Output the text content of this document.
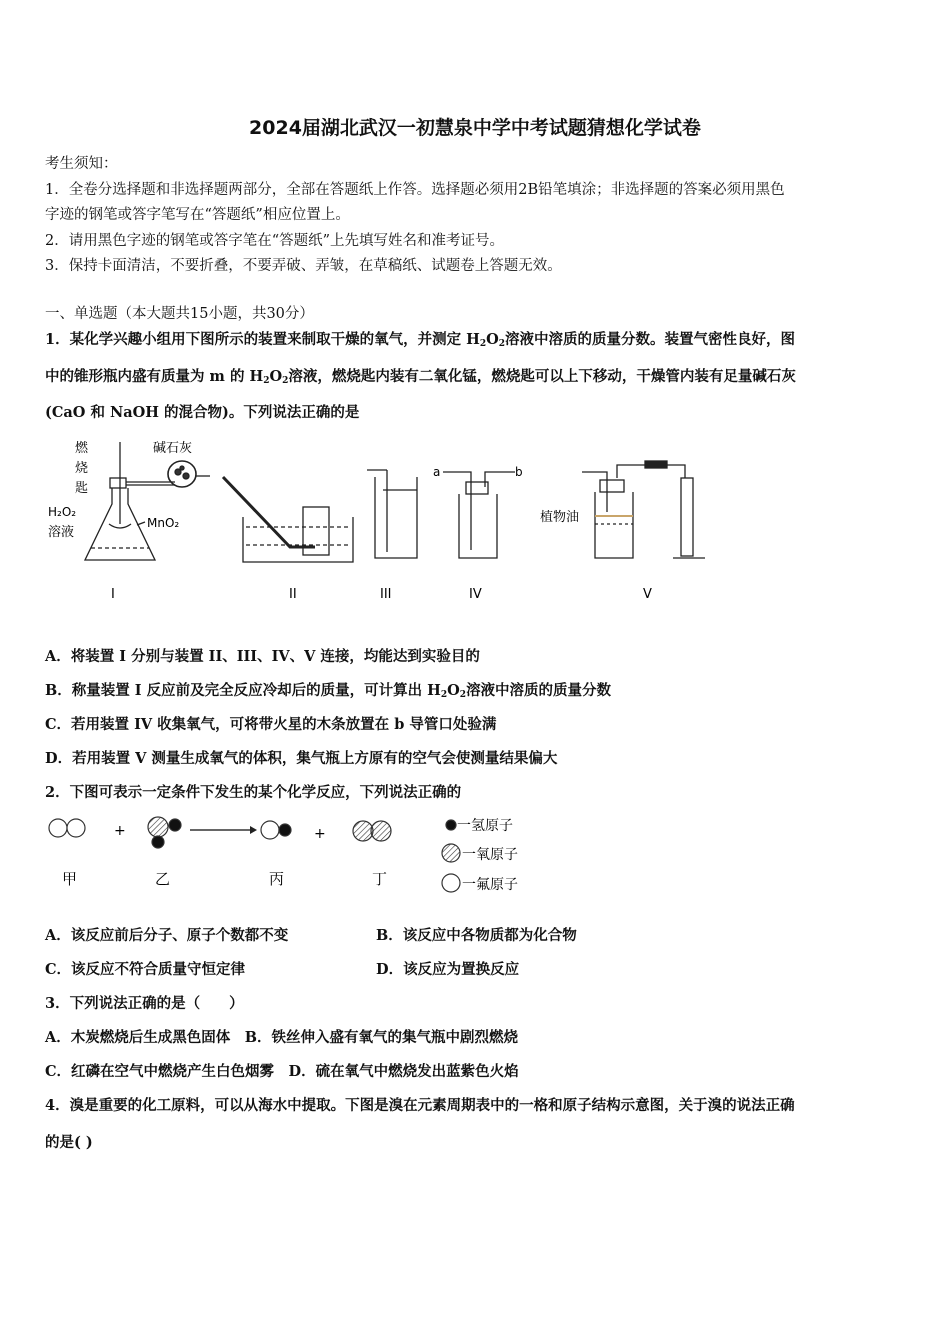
2024届湖北武汉一初慧泉中学中考试题猜想化学试卷
考生须知：
1．全卷分选择题和非选择题两部分，全部在答题纸上作答。选择题必须用2B铅笔填涂；非选择题的答案必须用黑色
字迹的钢笔或答字笔写在“答题纸”相应位置上。
2．请用黑色字迹的钢笔或答字笔在“答题纸”上先填写姓名和准考证号。
3．保持卡面清洁，不要折叠，不要弄破、弄皱，在草稿纸、试题卷上答题无效。
一、单选题（本大题共15小题，共30分）
1．某化学兴趣小组用下图所示的装置来制取干燥的氧气，并测定 $H_2O_2$溶液中溶质的质量分数。装置气密性良好，图
中的锥形瓶内盛有质量为 m 的 $H_2O_2$溶液，燃烧匙内装有二氧化锰，燃烧匙可以上下移动，干燥管内装有足量碱石灰
(CaO 和 NaOH 的混合物)。下列说法正确的是
燃
烧
匙
碱石灰
H₂O₂
溶液
MnO₂
a	b
植物油
I	II	III	IV	V
A．将装置 I 分别与装置 II、III、IV、V 连接，均能达到实验目的
B．称量装置 I 反应前及完全反应冷却后的质量，可计算出 $H_2O_2$溶液中溶质的质量分数
C．若用装置 IV 收集氧气，可将带火星的木条放置在 b 导管口处验满
D．若用装置 V 测量生成氧气的体积，集气瓶上方原有的空气会使测量结果偏大
2．下图可表示一定条件下发生的某个化学反应，下列说法正确的
+	+
甲	乙	丙	丁
一氢原子
一氧原子
一氟原子
A．该反应前后分子、原子个数都不变	B．该反应中各物质都为化合物
C．该反应不符合质量守恒定律	D．该反应为置换反应
3．下列说法正确的是（　　）
A．木炭燃烧后生成黑色固体　B．铁丝伸入盛有氧气的集气瓶中剧烈燃烧
C．红磷在空气中燃烧产生白色烟雾　D．硫在氧气中燃烧发出蓝紫色火焰
4．溴是重要的化工原料，可以从海水中提取。下图是溴在元素周期表中的一格和原子结构示意图，关于溴的说法正确
的是( )
